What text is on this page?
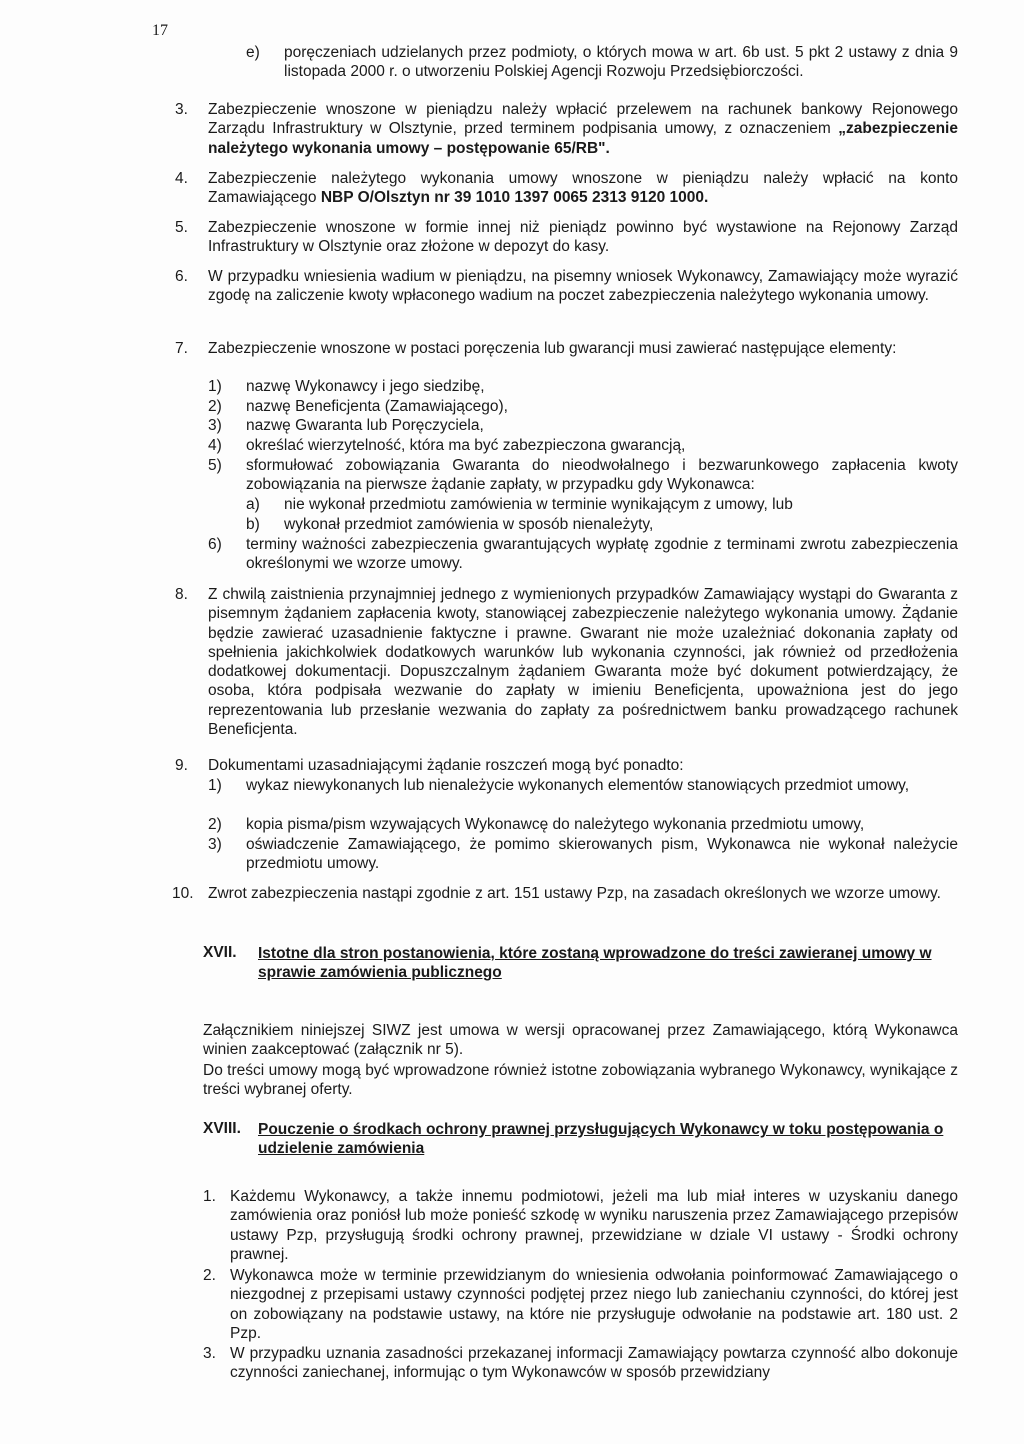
17
e) poręczeniach udzielanych przez podmioty, o których mowa w art. 6b ust. 5 pkt 2 ustawy z dnia 9 listopada 2000 r. o utworzeniu Polskiej Agencji Rozwoju Przedsiębiorczości.
3. Zabezpieczenie wnoszone w pieniądzu należy wpłacić przelewem na rachunek bankowy Rejonowego Zarządu Infrastruktury w Olsztynie, przed terminem podpisania umowy, z oznaczeniem „zabezpieczenie należytego wykonania umowy – postępowanie 65/RB".
4. Zabezpieczenie należytego wykonania umowy wnoszone w pieniądzu należy wpłacić na konto Zamawiającego NBP O/Olsztyn nr 39 1010 1397 0065 2313 9120 1000.
5. Zabezpieczenie wnoszone w formie innej niż pieniądz powinno być wystawione na Rejonowy Zarząd Infrastruktury w Olsztynie oraz złożone w depozyt do kasy.
6. W przypadku wniesienia wadium w pieniądzu, na pisemny wniosek Wykonawcy, Zamawiający może wyrazić zgodę na zaliczenie kwoty wpłaconego wadium na poczet zabezpieczenia należytego wykonania umowy.
7. Zabezpieczenie wnoszone w postaci poręczenia lub gwarancji musi zawierać następujące elementy:
1) nazwę Wykonawcy i jego siedzibę,
2) nazwę Beneficjenta (Zamawiającego),
3) nazwę Gwaranta lub Poręczyciela,
4) określać wierzytelność, która ma być zabezpieczona gwarancją,
5) sformułować zobowiązania Gwaranta do nieodwołalnego i bezwarunkowego zapłacenia kwoty zobowiązania na pierwsze żądanie zapłaty, w przypadku gdy Wykonawca:
a) nie wykonał przedmiotu zamówienia w terminie wynikającym z umowy, lub
b) wykonał przedmiot zamówienia w sposób nienależyty,
6) terminy ważności zabezpieczenia gwarantujących wypłatę zgodnie z terminami zwrotu zabezpieczenia określonymi we wzorze umowy.
8. Z chwilą zaistnienia przynajmniej jednego z wymienionych przypadków Zamawiający wystąpi do Gwaranta z pisemnym żądaniem zapłacenia kwoty, stanowiącej zabezpieczenie należytego wykonania umowy. Żądanie będzie zawierać uzasadnienie faktyczne i prawne. Gwarant nie może uzależniać dokonania zapłaty od spełnienia jakichkolwiek dodatkowych warunków lub wykonania czynności, jak również od przedłożenia dodatkowej dokumentacji. Dopuszczalnym żądaniem Gwaranta może być dokument potwierdzający, że osoba, która podpisała wezwanie do zapłaty w imieniu Beneficjenta, upoważniona jest do jego reprezentowania lub przesłanie wezwania do zapłaty za pośrednictwem banku prowadzącego rachunek Beneficjenta.
9. Dokumentami uzasadniającymi żądanie roszczeń mogą być ponadto:
1) wykaz niewykonanych lub nienależycie wykonanych elementów stanowiących przedmiot umowy,
2) kopia pisma/pism wzywających Wykonawcę do należytego wykonania przedmiotu umowy,
3) oświadczenie Zamawiającego, że pomimo skierowanych pism, Wykonawca nie wykonał należycie przedmiotu umowy.
10. Zwrot zabezpieczenia nastąpi zgodnie z art. 151 ustawy Pzp, na zasadach określonych we wzorze umowy.
XVII. Istotne dla stron postanowienia, które zostaną wprowadzone do treści zawieranej umowy w sprawie zamówienia publicznego
Załącznikiem niniejszej SIWZ jest umowa w wersji opracowanej przez Zamawiającego, którą Wykonawca winien zaakceptować (załącznik nr 5).
Do treści umowy mogą być wprowadzone również istotne zobowiązania wybranego Wykonawcy, wynikające z treści wybranej oferty.
XVIII. Pouczenie o środkach ochrony prawnej przysługujących Wykonawcy w toku postępowania o udzielenie zamówienia
1. Każdemu Wykonawcy, a także innemu podmiotowi, jeżeli ma lub miał interes w uzyskaniu danego zamówienia oraz poniósł lub może ponieść szkodę w wyniku naruszenia przez Zamawiającego przepisów ustawy Pzp, przysługują środki ochrony prawnej, przewidziane w dziale VI ustawy - Środki ochrony prawnej.
2. Wykonawca może w terminie przewidzianym do wniesienia odwołania poinformować Zamawiającego o niezgodnej z przepisami ustawy czynności podjętej przez niego lub zaniechaniu czynności, do której jest on zobowiązany na podstawie ustawy, na które nie przysługuje odwołanie na podstawie art. 180 ust. 2 Pzp.
3. W przypadku uznania zasadności przekazanej informacji Zamawiający powtarza czynność albo dokonuje czynności zaniechanej, informując o tym Wykonawców w sposób przewidziany
